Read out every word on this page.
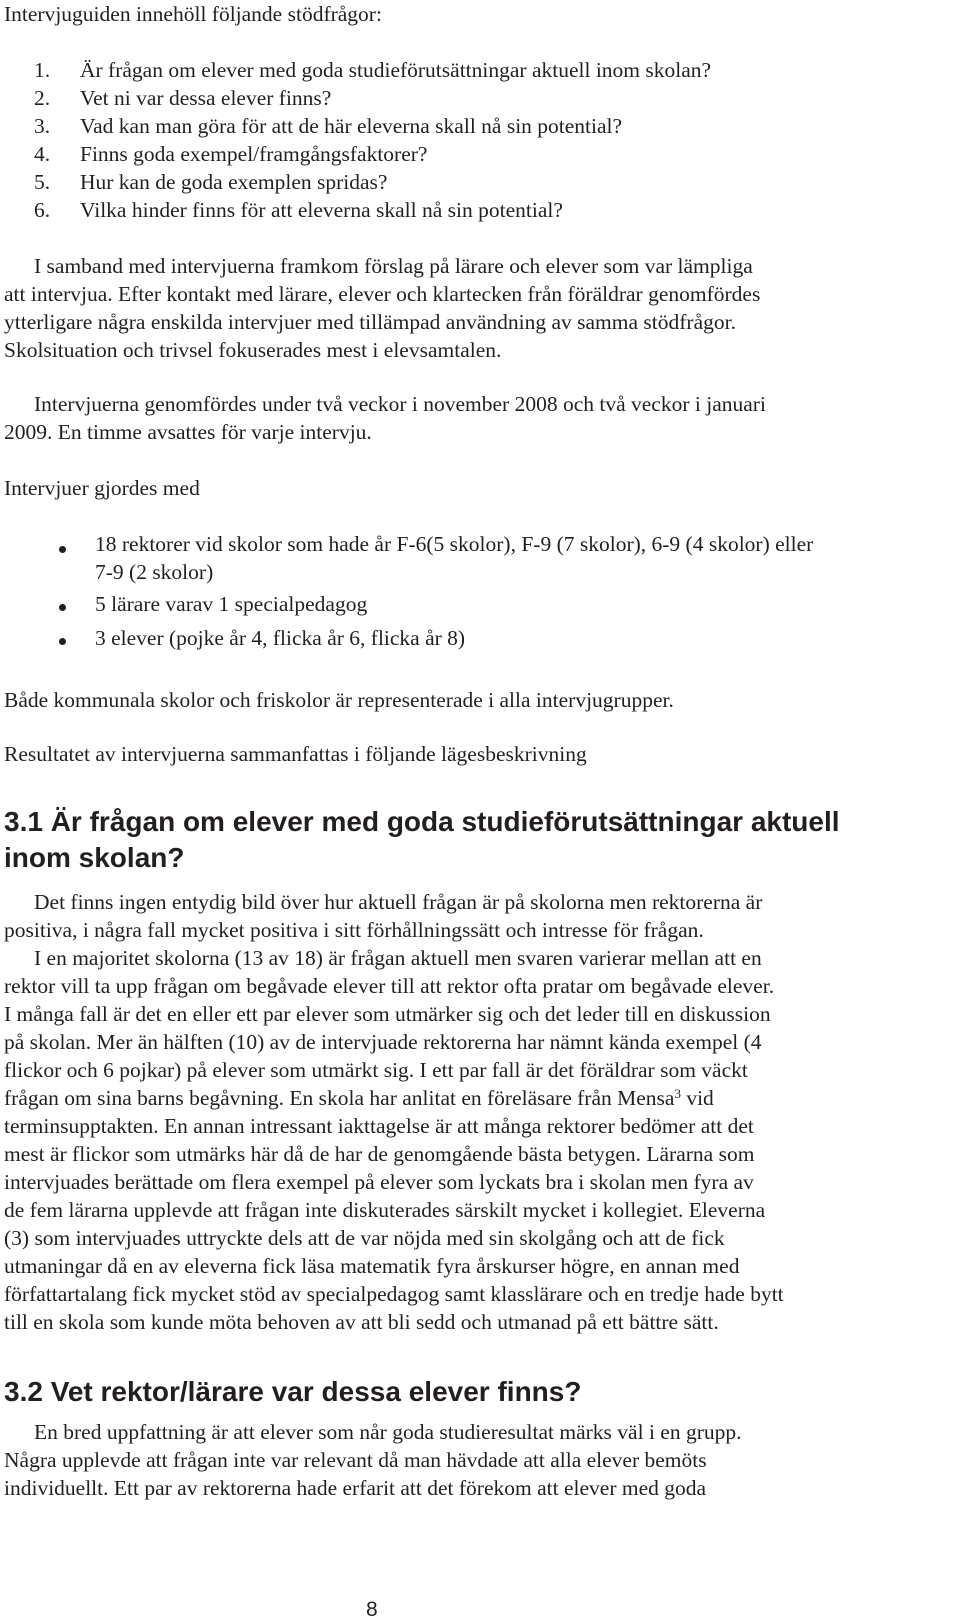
Intervjuguiden innehöll följande stödfrågor:

1. Är frågan om elever med goda studieförutsättningar aktuell inom skolan?
2. Vet ni var dessa elever finns?
3. Vad kan man göra för att de här eleverna skall nå sin potential?
4. Finns goda exempel/framgångsfaktorer?
5. Hur kan de goda exemplen spridas?
6. Vilka hinder finns för att eleverna skall nå sin potential?

I samband med intervjuerna framkom förslag på lärare och elever som var lämpliga

att intervjua. Efter kontakt med lärare, elever och klartecken från föräldrar genomfördes

ytterligare några enskilda intervjuer med tillämpad användning av samma stödfrågor.

Skolsituation och trivsel fokuserades mest i elevsamtalen.

Intervjuerna genomfördes under två veckor i november 2008 och två veckor i januari

2009. En timme avsattes för varje intervju.

Intervjuer gjordes med

18 rektorer vid skolor som hade år F-6(5 skolor), F-9 (7 skolor), 6-9 (4 skolor) eller
7-9 (2 skolor)
5 lärare varav 1 specialpedagog
3 elever (pojke år 4, flicka år 6, flicka år 8)

Både kommunala skolor och friskolor är representerade i alla intervjugrupper.

Resultatet av intervjuerna sammanfattas i följande lägesbeskrivning

3.1 Är frågan om elever med goda studieförutsättningar aktuell
inom skolan?

Det finns ingen entydig bild över hur aktuell frågan är på skolorna men rektorerna är

positiva, i några fall mycket positiva i sitt förhållningssätt och intresse för frågan.

I en majoritet skolorna (13 av 18) är frågan aktuell men svaren varierar mellan att en

rektor vill ta upp frågan om begåvade elever till att rektor ofta pratar om begåvade elever.

I många fall är det en eller ett par elever som utmärker sig och det leder till en diskussion

på skolan. Mer än hälften (10) av de intervjuade rektorerna har nämnt kända exempel (4

flickor och 6 pojkar) på elever som utmärkt sig. I ett par fall är det föräldrar som väckt

frågan om sina barns begåvning. En skola har anlitat en föreläsare från Mensa$^3$ vid

terminsupptakten. En annan intressant iakttagelse är att många rektorer bedömer att det

mest är flickor som utmärks här då de har de genomgående bästa betygen. Lärarna som

intervjuades berättade om flera exempel på elever som lyckats bra i skolan men fyra av

de fem lärarna upplevde att frågan inte diskuterades särskilt mycket i kollegiet. Eleverna

(3) som intervjuades uttryckte dels att de var nöjda med sin skolgång och att de fick

utmaningar då en av eleverna fick läsa matematik fyra årskurser högre, en annan med

författartalang fick mycket stöd av specialpedagog samt klasslärare och en tredje hade bytt

till en skola som kunde möta behoven av att bli sedd och utmanad på ett bättre sätt.

3.2 Vet rektor/lärare var dessa elever finns?

En bred uppfattning är att elever som når goda studieresultat märks väl i en grupp.

Några upplevde att frågan inte var relevant då man hävdade att alla elever bemöts

individuellt. Ett par av rektorerna hade erfarit att det förekom att elever med goda

8
